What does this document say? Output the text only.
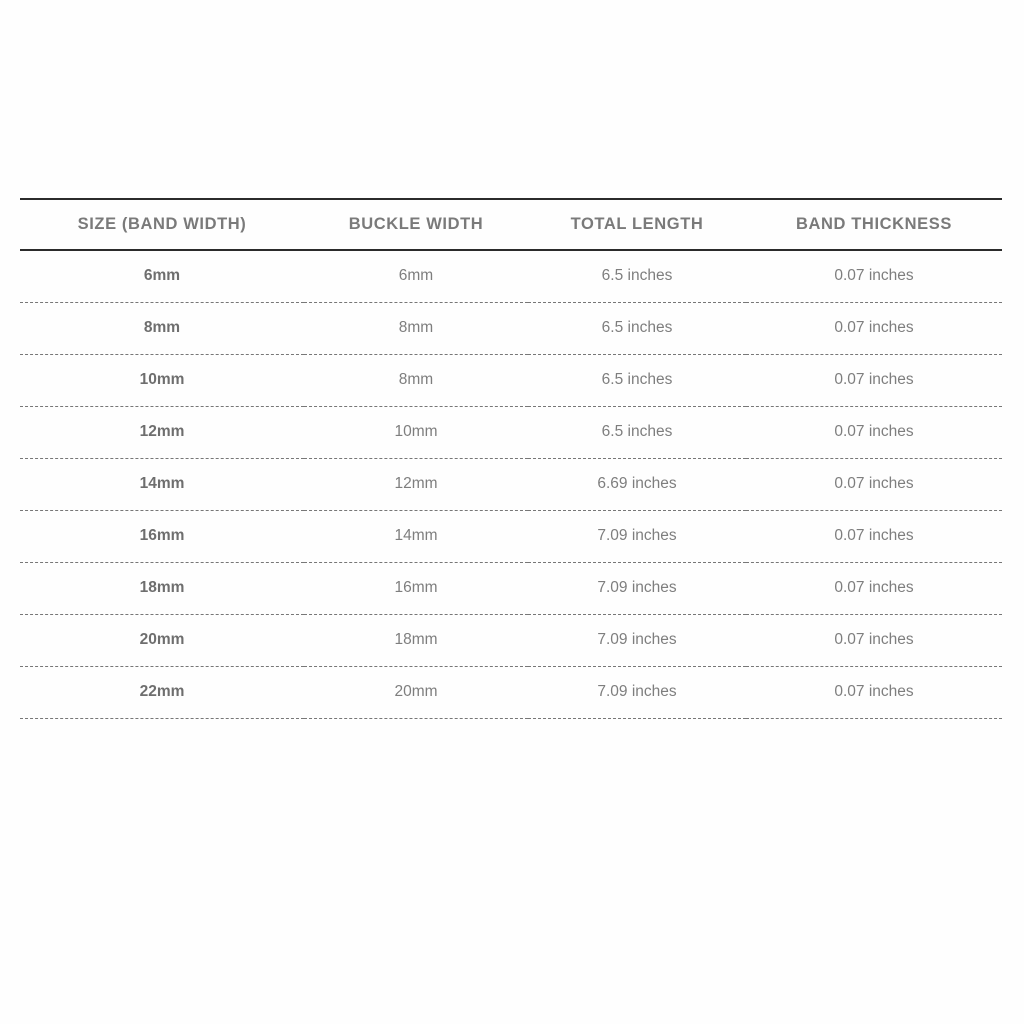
SIZE (BAND WIDTH)	BUCKLE WIDTH	TOTAL LENGTH	BAND THICKNESS
6mm	6mm	6.5 inches	0.07 inches
8mm	8mm	6.5 inches	0.07 inches
10mm	8mm	6.5 inches	0.07 inches
12mm	10mm	6.5 inches	0.07 inches
14mm	12mm	6.69 inches	0.07 inches
16mm	14mm	7.09 inches	0.07 inches
18mm	16mm	7.09 inches	0.07 inches
20mm	18mm	7.09 inches	0.07 inches
22mm	20mm	7.09 inches	0.07 inches
